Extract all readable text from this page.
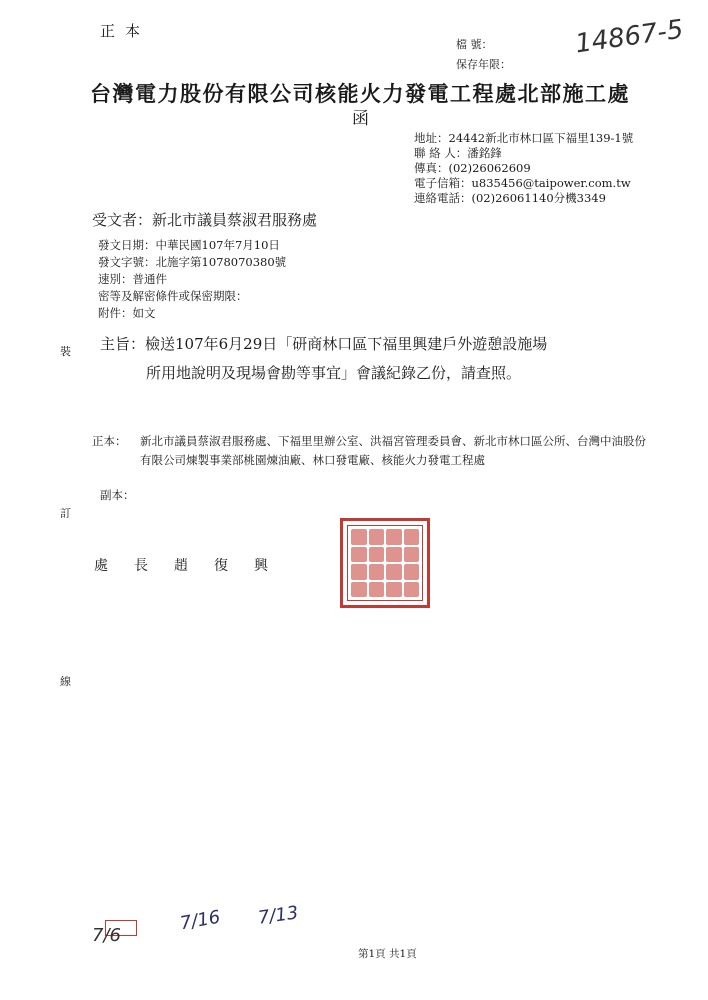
正本
檔 號：
保存年限：
14867-5
台灣電力股份有限公司核能火力發電工程處北部施工處
函
地址：24442新北市林口區下福里139-1號
聯 絡 人：潘銘鋒
傳真：(02)26062609
電子信箱：u835456@taipower.com.tw
連絡電話：(02)26061140分機3349
受文者：新北市議員蔡淑君服務處
發文日期：中華民國107年7月10日
發文字號：北施字第1078070380號
速別：普通件
密等及解密條件或保密期限：
附件：如文
裝
訂
線
主旨：檢送107年6月29日「研商林口區下福里興建戶外遊憩設施場
所用地說明及現場會勘等事宜」會議紀錄乙份，請查照。
正本： 新北市議員蔡淑君服務處、下福里里辦公室、洪福宮管理委員會、新北市林口區公所、台灣中油股份有限公司煉製事業部桃園煉油廠、林口發電廠、核能火力發電工程處
副本：
處長趙復興
7/6
7/16 7/13
第1頁 共1頁
